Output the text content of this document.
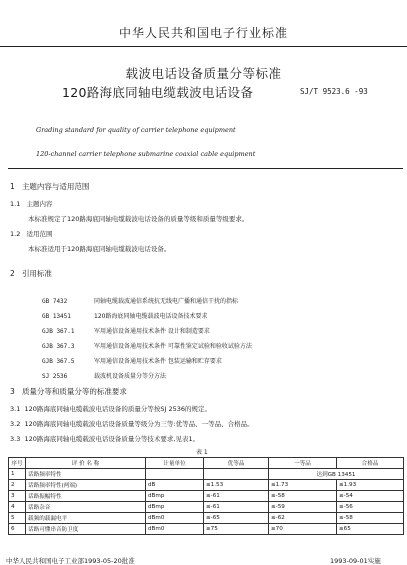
中华人民共和国电子行业标准
载波电话设备质量分等标准
120路海底同轴电缆载波电话设备	SJ/T 9523.6 -93
Grading standard for quality of carrier telephone equipment
120-channel carrier telephone submarine coaxial cable equipment
1 主题内容与适用范围
1.1 主题内容
本标准规定了120路海底同轴电缆载波电话设备的质量等级和质量等级要求。
1.2 适用范围
本标准适用于120路海底同轴电缆载波电话设备。
2 引用标准
GB 7432	同轴电缆载波通信系统抗无线电广播和通信干扰的指标
GB 13451	120路海底同轴电缆载波电话设备技术要求
GJB 367.1	军用通信设备通用技术条件 设计和制造要求
GJB 367.3	军用通信设备通用技术条件 可靠性鉴定试验和验收试验方法
GJB 367.5	军用通信设备通用技术条件 包装运输和贮存要求
SJ 2536	载波机设备质量分等分方法
3 质量分等和质量分等的标准要求
3.1 120路海底同轴电缆载波电话设备的质量分等按SJ 2536的规定。
3.2 120路海底同轴电缆载波电话设备质量等级分为三等:优等品、一等品、合格品。
3.3 120路海底同轴电缆载波电话设备质量分等技术要求,见表1。
表 1
序号	评 价 名 称	计量单位	优等品	一等品	合格品
1	话路频率特性			达到GB 13451	
2	话路频率特性(两端)	dB	≤1.53	≤1.73	≤1.93
3	话路振幅特性	dBmp	≤-61	≤-58	≤-54
4	话路杂音	dBmp	≤-61	≤-59	≤-56
5	载频的载漏电平	dBm0	≤-65	≤-62	≤-58
6	话路可懂串音防卫度	dBm0	≥75	≥70	≥65
中华人民共和国电子工业部1993-05-20批准	1993-09-01实施
